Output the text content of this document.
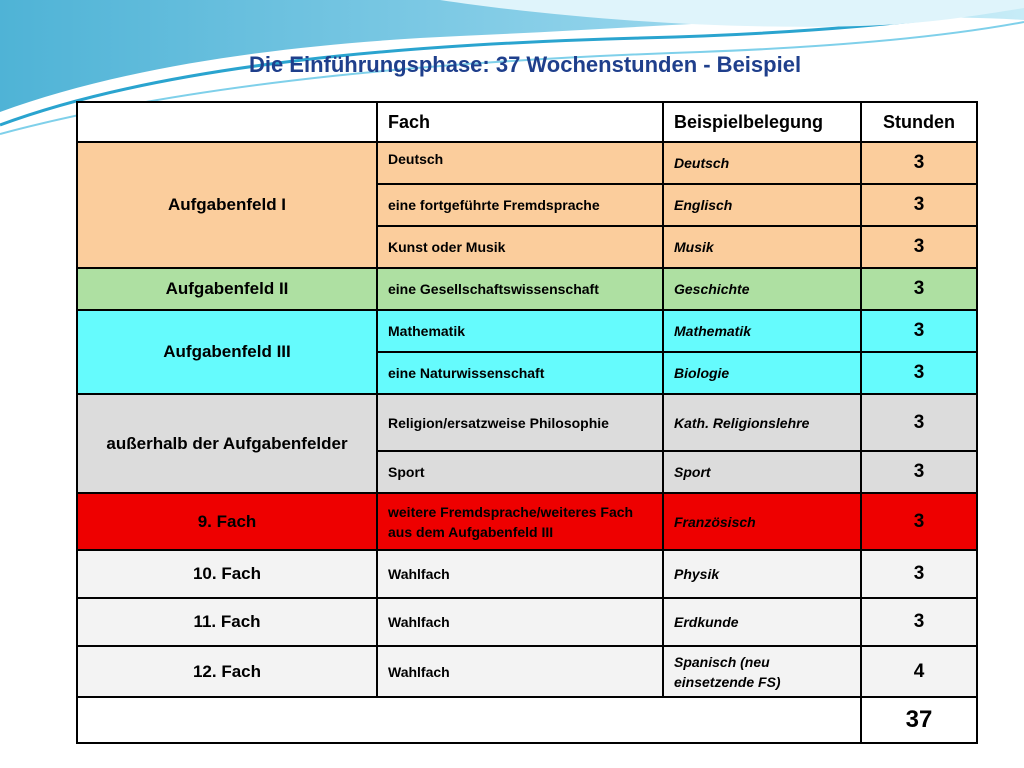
Die Einführungsphase: 37 Wochenstunden - Beispiel
	Fach	Beispielbelegung	Stunden
Aufgabenfeld I	Deutsch	Deutsch	3
	eine fortgeführte Fremdsprache	Englisch	3
	Kunst oder Musik	Musik	3
Aufgabenfeld II	eine Gesellschaftswissenschaft	Geschichte	3
Aufgabenfeld III	Mathematik	Mathematik	3
	eine Naturwissenschaft	Biologie	3
außerhalb der Aufgabenfelder	Religion/ersatzweise Philosophie	Kath. Religionslehre	3
	Sport	Sport	3
9. Fach	weitere Fremdsprache/weiteres Fach aus dem Aufgabenfeld III	Französisch	3
10. Fach	Wahlfach	Physik	3
11. Fach	Wahlfach	Erdkunde	3
12. Fach	Wahlfach	Spanisch (neu einsetzende FS)	4
			37
